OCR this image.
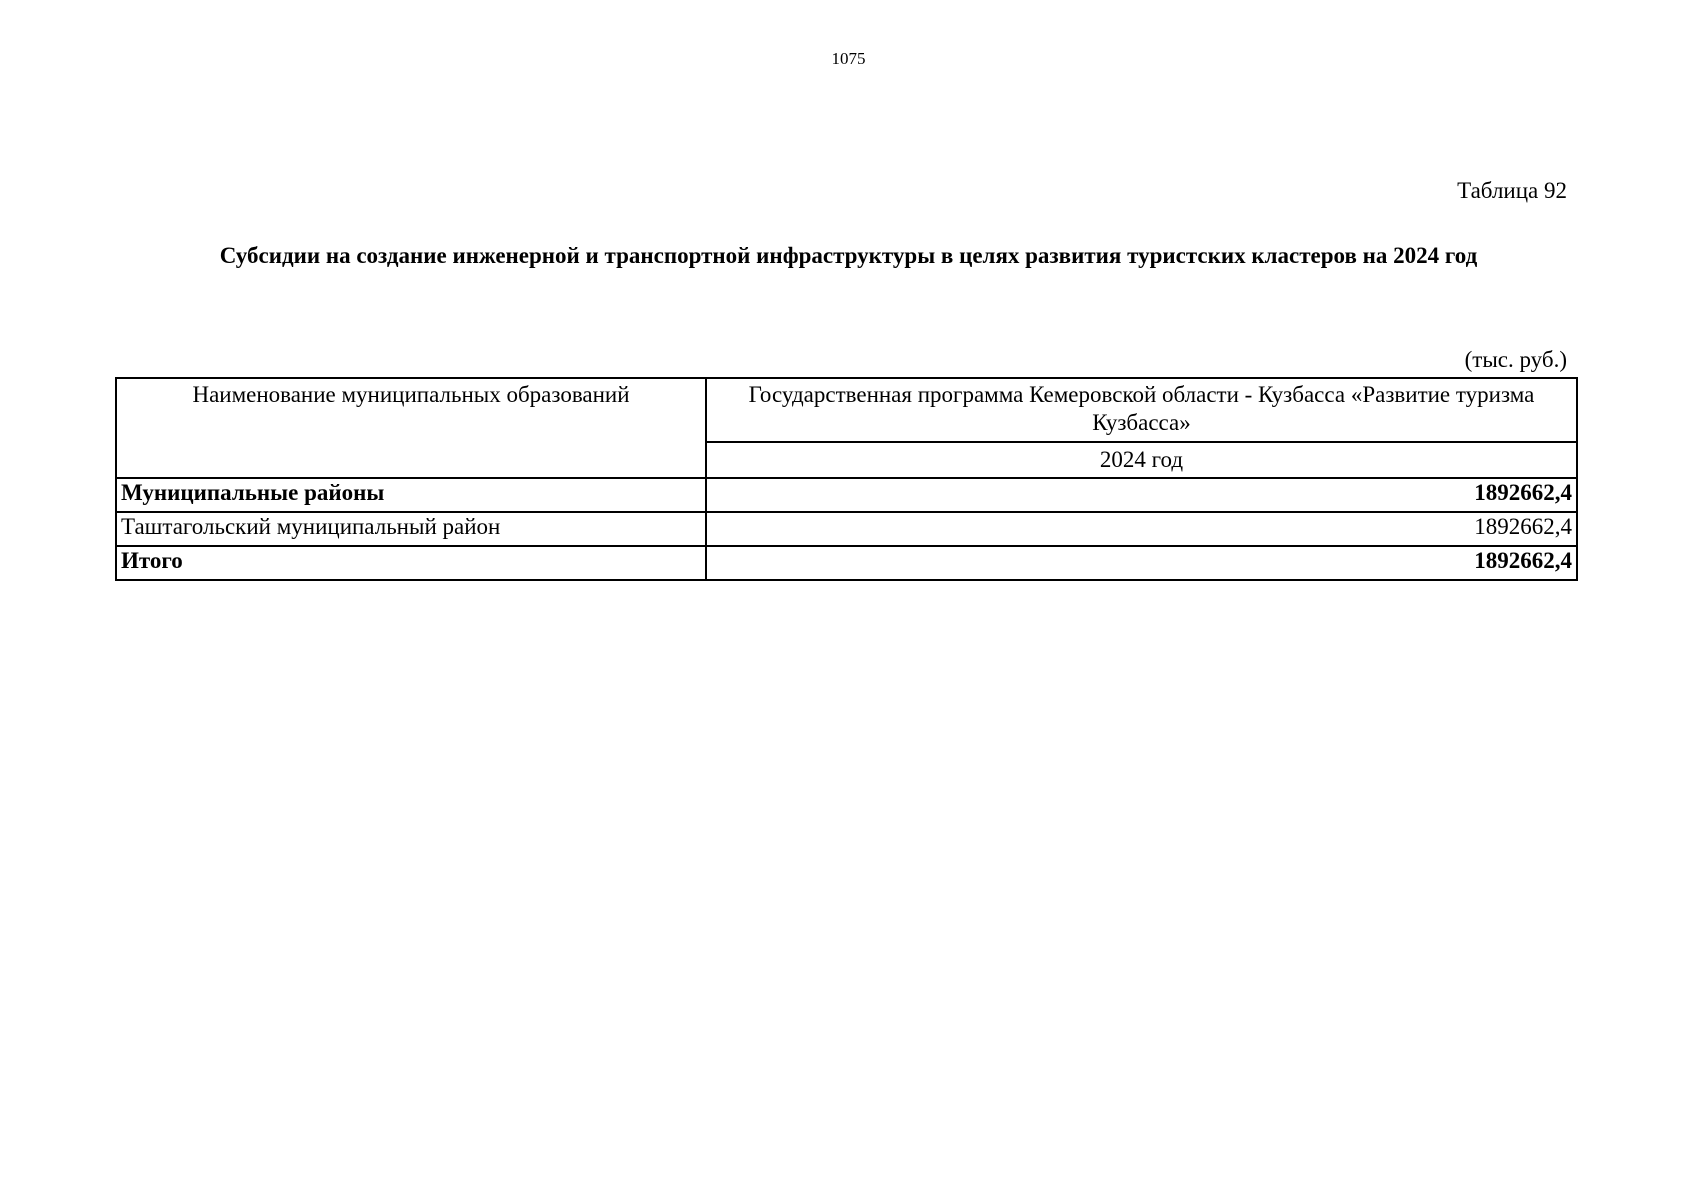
1075
Таблица 92
Субсидии на создание инженерной и транспортной инфраструктуры в целях развития туристских кластеров на 2024 год
(тыс. руб.)
Наименование муниципальных образований	Государственная программа Кемеровской области - Кузбасса «Развитие туризма Кузбасса»
	2024 год
Муниципальные районы	1892662,4
Таштагольский муниципальный район	1892662,4
Итого	1892662,4
